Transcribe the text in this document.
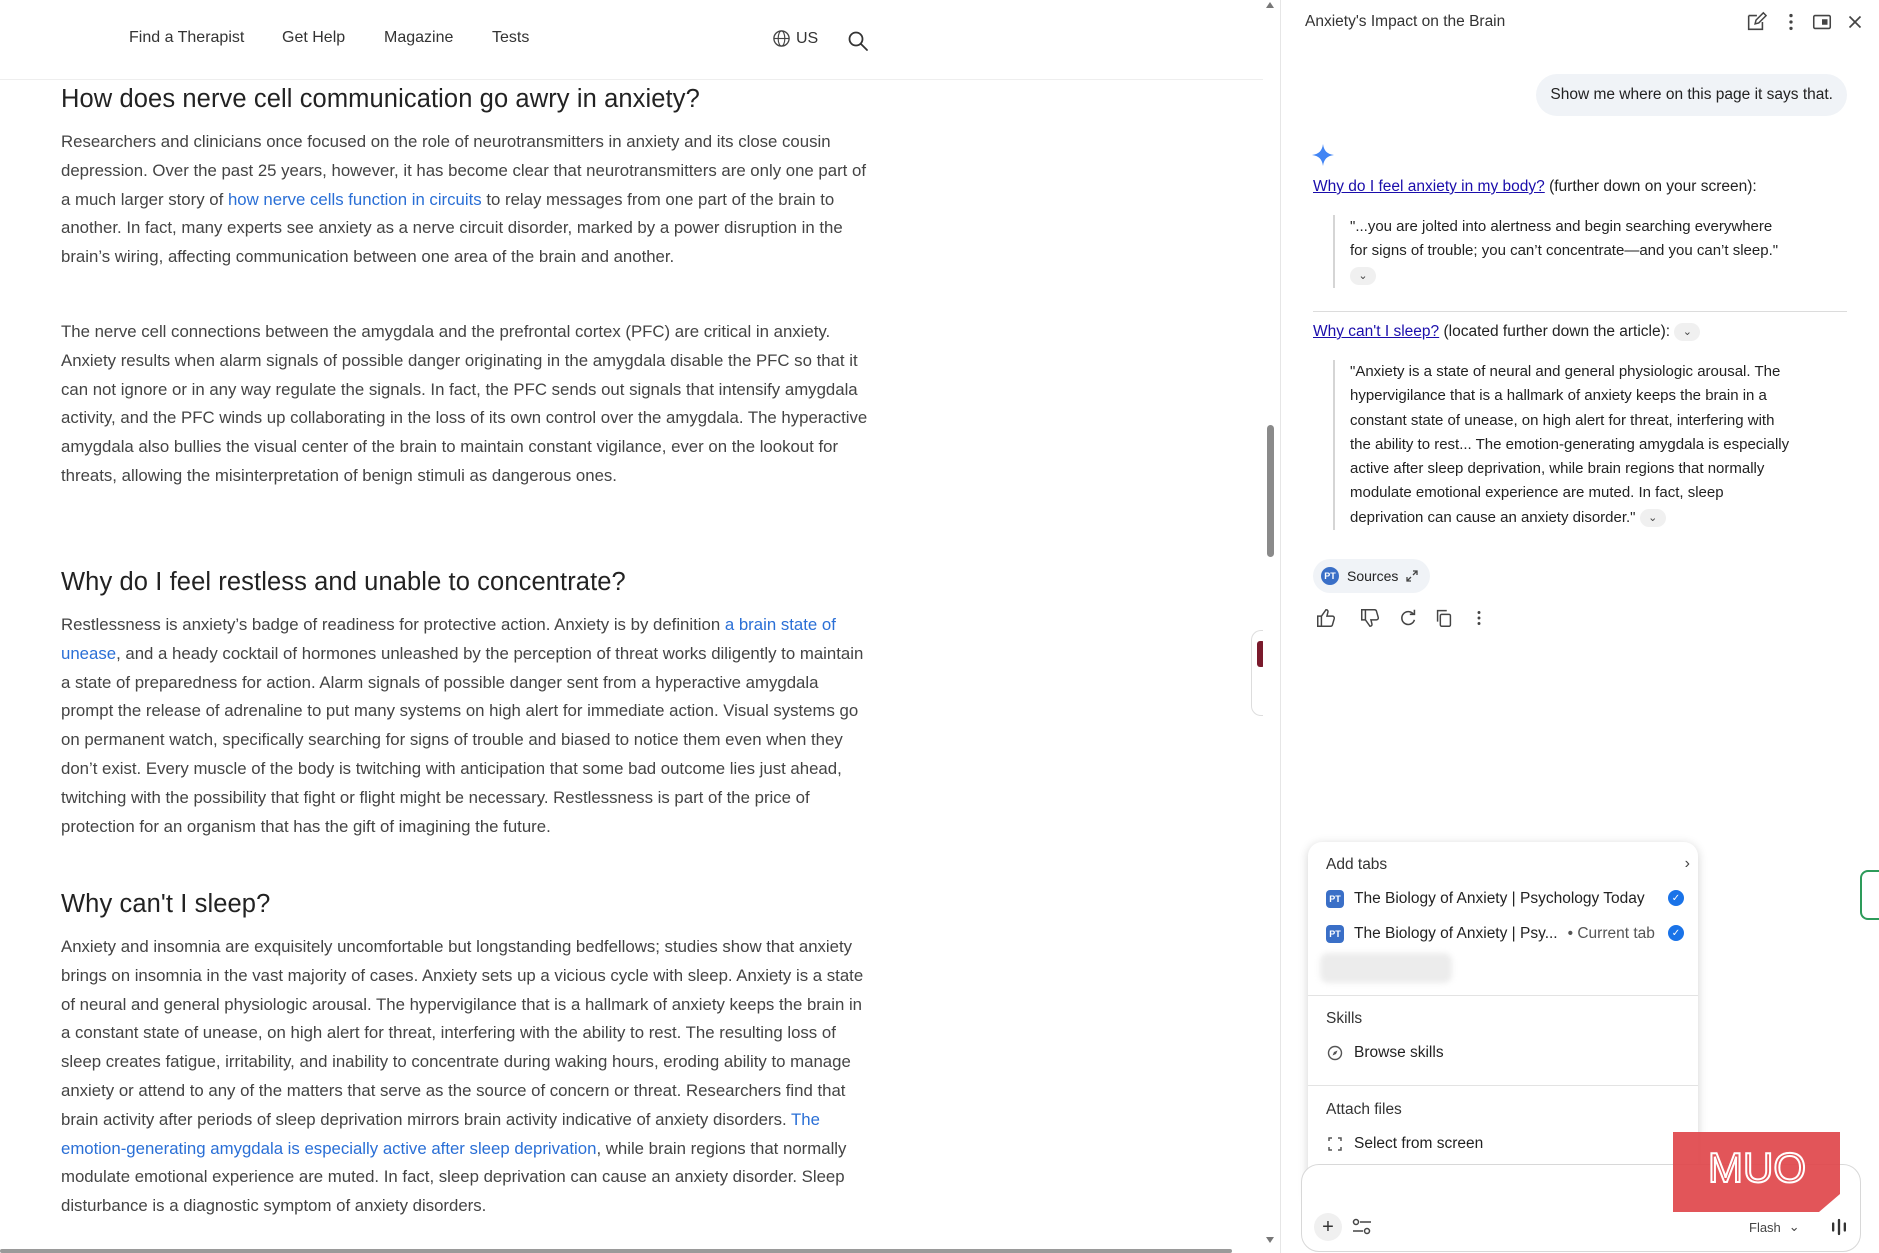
Find a Therapist Get Help Magazine Tests	US
How does nerve cell communication go awry in anxiety?

Researchers and clinicians once focused on the role of neurotransmitters in anxiety and its close cousin depression. Over the past 25 years, however, it has become clear that neurotransmitters are only one part of a much larger story of how nerve cells function in circuits to relay messages from one part of the brain to another. In fact, many experts see anxiety as a nerve circuit disorder, marked by a power disruption in the brain’s wiring, affecting communication between one area of the brain and another.

The nerve cell connections between the amygdala and the prefrontal cortex (PFC) are critical in anxiety. Anxiety results when alarm signals of possible danger originating in the amygdala disable the PFC so that it can not ignore or in any way regulate the signals. In fact, the PFC sends out signals that intensify amygdala activity, and the PFC winds up collaborating in the loss of its own control over the amygdala. The hyperactive amygdala also bullies the visual center of the brain to maintain constant vigilance, ever on the lookout for threats, allowing the misinterpretation of benign stimuli as dangerous ones.

Why do I feel restless and unable to concentrate?

Restlessness is anxiety’s badge of readiness for protective action. Anxiety is by definition a brain state of unease, and a heady cocktail of hormones unleashed by the perception of threat works diligently to maintain a state of preparedness for action. Alarm signals of possible danger sent from a hyperactive amygdala prompt the release of adrenaline to put many systems on high alert for immediate action. Visual systems go on permanent watch, specifically searching for signs of trouble and biased to notice them even when they don’t exist. Every muscle of the body is twitching with anticipation that some bad outcome lies just ahead, twitching with the possibility that fight or flight might be necessary. Restlessness is part of the price of protection for an organism that has the gift of imagining the future.

Why can't I sleep?

Anxiety and insomnia are exquisitely uncomfortable but longstanding bedfellows; studies show that anxiety brings on insomnia in the vast majority of cases. Anxiety sets up a vicious cycle with sleep. Anxiety is a state of neural and general physiologic arousal. The hypervigilance that is a hallmark of anxiety keeps the brain in a constant state of unease, on high alert for threat, interfering with the ability to rest. The resulting loss of sleep creates fatigue, irritability, and inability to concentrate during waking hours, eroding ability to manage anxiety or attend to any of the matters that serve as the source of concern or threat. Researchers find that brain activity after periods of sleep deprivation mirrors brain activity indicative of anxiety disorders. The emotion-generating amygdala is especially active after sleep deprivation, while brain regions that normally modulate emotional experience are muted. In fact, sleep deprivation can cause an anxiety disorder. Sleep disturbance is a diagnostic symptom of anxiety disorders.

Anxiety's Impact on the Brain
Show me where on this page it says that.
Why do I feel anxiety in my body? (further down on your screen):
"...you are jolted into alertness and begin searching everywhere for signs of trouble; you can’t concentrate—and you can’t sleep."
⌄
Why can't I sleep? (located further down the article): ⌄
"Anxiety is a state of neural and general physiologic arousal. The hypervigilance that is a hallmark of anxiety keeps the brain in a constant state of unease, on high alert for threat, interfering with the ability to rest... The emotion-generating amygdala is especially active after sleep deprivation, while brain regions that normally modulate emotional experience are muted. In fact, sleep deprivation can cause an anxiety disorder." ⌄
PT Sources
Add tabs	›
PT The Biology of Anxiety | Psychology Today	✓
PT The Biology of Anxiety | Psy... • Current tab	✓
Skills
Browse skills
Attach files
Select from screen
+	Flash ⌄
MUO
